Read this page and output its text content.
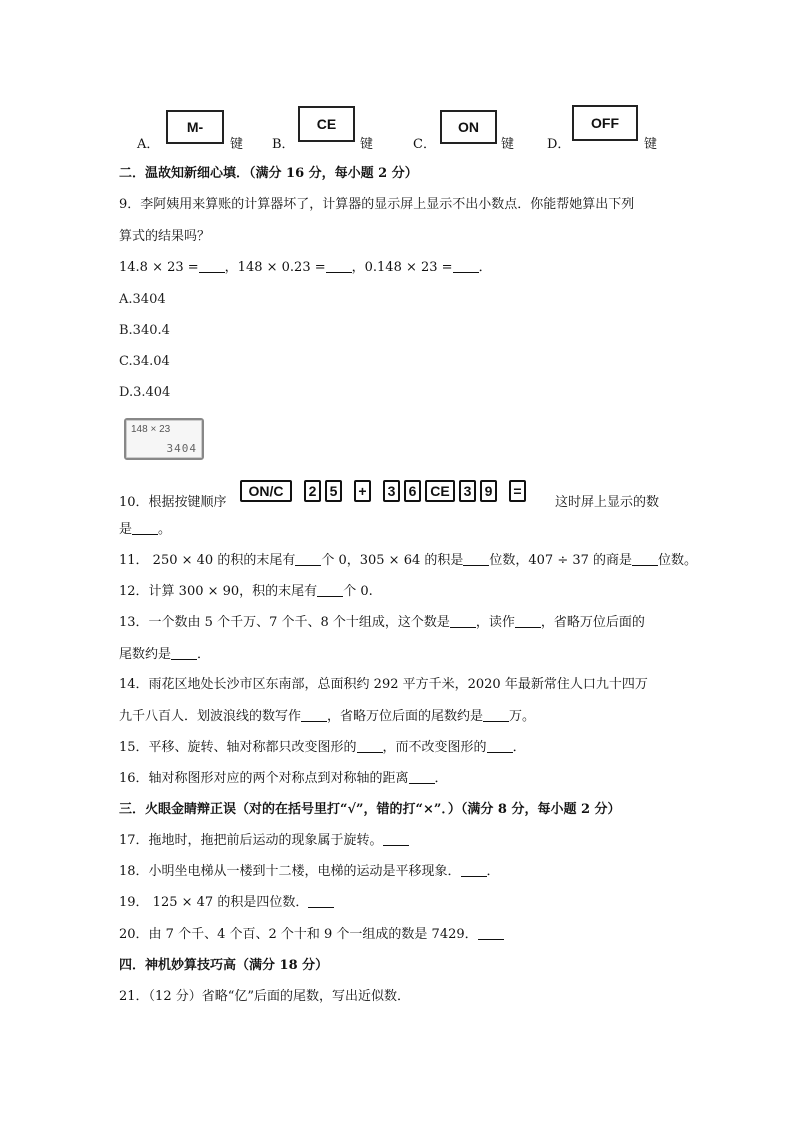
A．
M-
键 B．
CE
键	C．
ON
键	D．
OFF
键
二．温故知新细心填．（满分 16 分，每小题 2 分）
9．李阿姨用来算账的计算器坏了，计算器的显示屏上显示不出小数点．你能帮她算出下列
算式的结果吗？
14.8 × 23 = ，148 × 0.23 = ，0.148 × 23 = ．
A.3404
B.340.4
C.34.04
D.3.404
148 × 23
3404
10．根据按键顺序
ON/C	2 5	+	3 6 CE 3 9	=
这时屏上显示的数
是 。
11． 250 × 40 的积的末尾有 个 0，305 × 64 的积是 位数，407 ÷ 37 的商是 位数。
12．计算 300 × 90，积的末尾有 个 0.
13．一个数由 5 个千万、7 个千、8 个十组成，这个数是 ，读作 ，省略万位后面的
尾数约是 ．
14．雨花区地处长沙市区东南部，总面积约 292 平方千米，2020 年最新常住人口九十四万
九千八百人．划波浪线的数写作 ，省略万位后面的尾数约是 万。
15．平移、旋转、轴对称都只改变图形的 ，而不改变图形的 ．
16．轴对称图形对应的两个对称点到对称轴的距离 ．
三．火眼金睛辩正误（对的在括号里打“√”，错的打“×”．）（满分 8 分，每小题 2 分）
17．拖地时，拖把前后运动的现象属于旋转。
18．小明坐电梯从一楼到十二楼，电梯的运动是平移现象． ．
19． 125 × 47 的积是四位数．
20．由 7 个千、4 个百、2 个十和 9 个一组成的数是 7429．
四．神机妙算技巧高（满分 18 分）
21．（12 分）省略“亿”后面的尾数，写出近似数．
